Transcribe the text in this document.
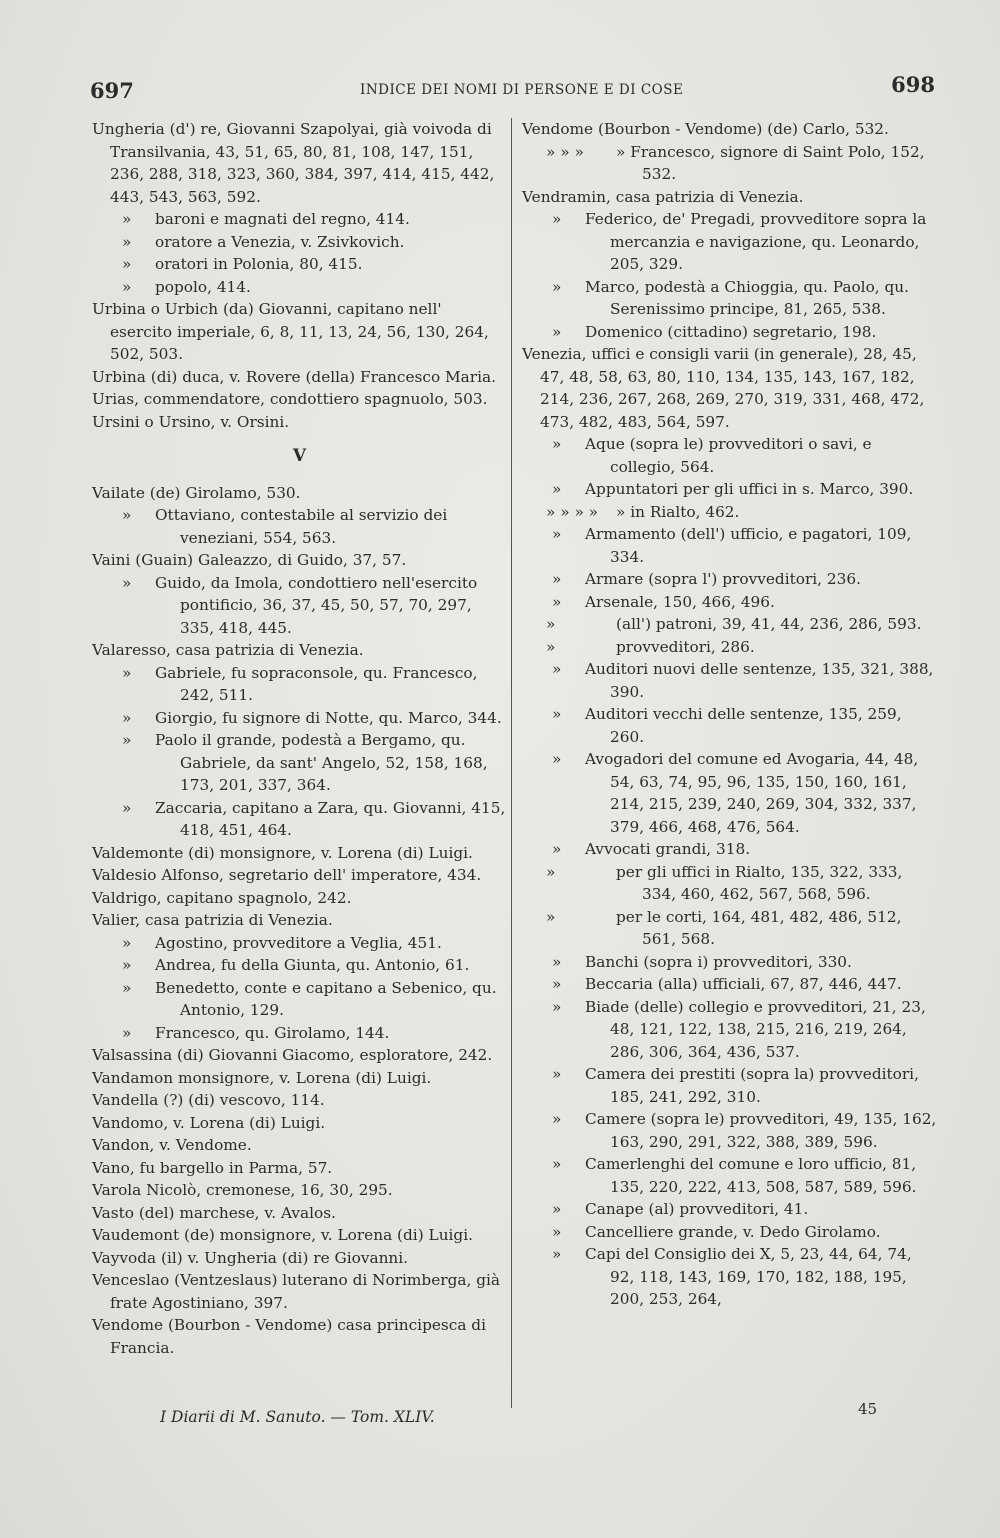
697	INDICE DEI NOMI DI PERSONE E DI COSE	698
Ungheria (d') re, Giovanni Szapolyai, già voivoda di Transilvania, 43, 51, 65, 80, 81, 108, 147, 151, 236, 288, 318, 323, 360, 384, 397, 414, 415, 442, 443, 543, 563, 592.
»	baroni e magnati del regno, 414.
»	oratore a Venezia, v. Zsivkovich.
»	oratori in Polonia, 80, 415.
»	popolo, 414.
Urbina o Urbich (da) Giovanni, capitano nell' esercito imperiale, 6, 8, 11, 13, 24, 56, 130, 264, 502, 503.
Urbina (di) duca, v. Rovere (della) Francesco Maria.
Urias, commendatore, condottiero spagnuolo, 503.
Ursini o Ursino, v. Orsini.
V
Vailate (de) Girolamo, 530.
»	Ottaviano, contestabile al servizio dei veneziani, 554, 563.
Vaini (Guain) Galeazzo, di Guido, 37, 57.
»	Guido, da Imola, condottiero nell'esercito pontificio, 36, 37, 45, 50, 57, 70, 297, 335, 418, 445.
Valaresso, casa patrizia di Venezia.
»	Gabriele, fu sopraconsole, qu. Francesco, 242, 511.
»	Giorgio, fu signore di Notte, qu. Marco, 344.
»	Paolo il grande, podestà a Bergamo, qu. Gabriele, da sant' Angelo, 52, 158, 168, 173, 201, 337, 364.
»	Zaccaria, capitano a Zara, qu. Giovanni, 415, 418, 451, 464.
Valdemonte (di) monsignore, v. Lorena (di) Luigi.
Valdesio Alfonso, segretario dell' imperatore, 434.
Valdrigo, capitano spagnolo, 242.
Valier, casa patrizia di Venezia.
»	Agostino, provveditore a Veglia, 451.
»	Andrea, fu della Giunta, qu. Antonio, 61.
»	Benedetto, conte e capitano a Sebenico, qu. Antonio, 129.
»	Francesco, qu. Girolamo, 144.
Valsassina (di) Giovanni Giacomo, esploratore, 242.
Vandamon monsignore, v. Lorena (di) Luigi.
Vandella (?) (di) vescovo, 114.
Vandomo, v. Lorena (di) Luigi.
Vandon, v. Vendome.
Vano, fu bargello in Parma, 57.
Varola Nicolò, cremonese, 16, 30, 295.
Vasto (del) marchese, v. Avalos.
Vaudemont (de) monsignore, v. Lorena (di) Luigi.
Vayvoda (il) v. Ungheria (di) re Giovanni.
Venceslao (Ventzeslaus) luterano di Norimberga, già frate Agostiniano, 397.
Vendome (Bourbon - Vendome) casa principesca di Francia.
Vendome (Bourbon - Vendome) (de) Carlo, 532.
» » »	» Francesco, signore di Saint Polo, 152, 532.
Vendramin, casa patrizia di Venezia.
»	Federico, de' Pregadi, provveditore sopra la mercanzia e navigazione, qu. Leonardo, 205, 329.
»	Marco, podestà a Chioggia, qu. Paolo, qu. Serenissimo principe, 81, 265, 538.
»	Domenico (cittadino) segretario, 198.
Venezia, uffici e consigli varii (in generale), 28, 45, 47, 48, 58, 63, 80, 110, 134, 135, 143, 167, 182, 214, 236, 267, 268, 269, 270, 319, 331, 468, 472, 473, 482, 483, 564, 597.
»	Aque (sopra le) provveditori o savi, e collegio, 564.
»	Appuntatori per gli uffici in s. Marco, 390.
» » » »	» in Rialto, 462.
»	Armamento (dell') ufficio, e pagatori, 109, 334.
»	Armare (sopra l') provveditori, 236.
»	Arsenale, 150, 466, 496.
»	(all') patroni, 39, 41, 44, 236, 286, 593.
»	provveditori, 286.
»	Auditori nuovi delle sentenze, 135, 321, 388, 390.
»	Auditori vecchi delle sentenze, 135, 259, 260.
»	Avogadori del comune ed Avogaria, 44, 48, 54, 63, 74, 95, 96, 135, 150, 160, 161, 214, 215, 239, 240, 269, 304, 332, 337, 379, 466, 468, 476, 564.
»	Avvocati grandi, 318.
»	per gli uffici in Rialto, 135, 322, 333, 334, 460, 462, 567, 568, 596.
»	per le corti, 164, 481, 482, 486, 512, 561, 568.
»	Banchi (sopra i) provveditori, 330.
»	Beccaria (alla) ufficiali, 67, 87, 446, 447.
»	Biade (delle) collegio e provveditori, 21, 23, 48, 121, 122, 138, 215, 216, 219, 264, 286, 306, 364, 436, 537.
»	Camera dei prestiti (sopra la) provveditori, 185, 241, 292, 310.
»	Camere (sopra le) provveditori, 49, 135, 162, 163, 290, 291, 322, 388, 389, 596.
»	Camerlenghi del comune e loro ufficio, 81, 135, 220, 222, 413, 508, 587, 589, 596.
»	Canape (al) provveditori, 41.
»	Cancelliere grande, v. Dedo Girolamo.
»	Capi del Consiglio dei X, 5, 23, 44, 64, 74, 92, 118, 143, 169, 170, 182, 188, 195, 200, 253, 264,
I Diarii di M. Sanuto. — Tom. XLIV.	45
